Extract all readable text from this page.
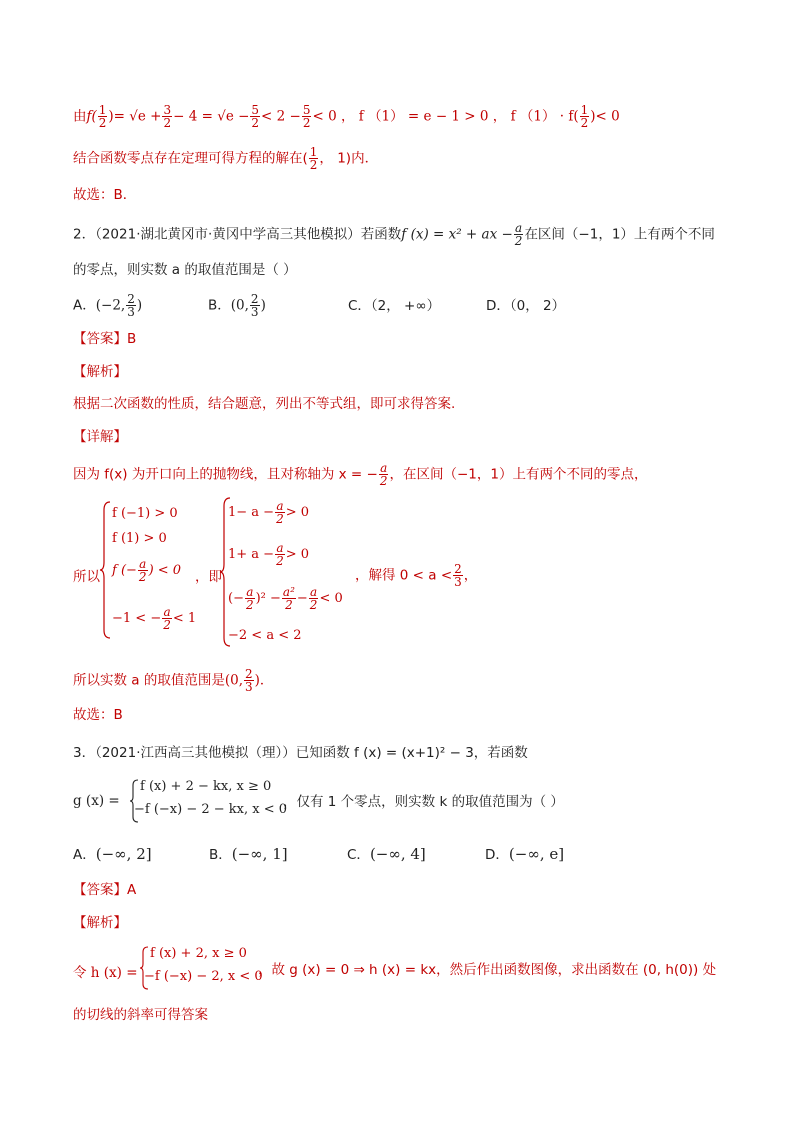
由$f( \frac{1}{2}$ )= $√e + \frac{3}{2} - 4 = √e - \frac{5}{2} < 2 - \frac{5}{2} < 0$ ， f （1） = e − 1 > 0 ， f $(1) \cdot f( \frac{1}{2}$ )< 0
结合函数零点存在定理可得方程的解在( $\frac{1}{2}$ ， 1)内．
故选：B．
2．（2021·湖北黄冈市·黄冈中学高三其他模拟）若函数f (x) = x² + ax − $\frac{a}{2}$ 在区间（−1，1）上有两个不同
的零点，则实数 a 的取值范围是（ ）
A．(−2, $\frac{2}{3}$ )	B．(0, $\frac{2}{3}$ )	C．（2， +∞）	D．（0， 2）
【答案】B
【解析】
根据二次函数的性质，结合题意，列出不等式组，即可求得答案.
【详解】
因为 f(x) 为开口向上的抛物线，且对称轴为 x = − $\frac{a}{2}$ ，在区间（−1，1）上有两个不同的零点，
所以
f (−1) > 0
f (1) > 0
f (− $\frac{a}{2}$ ) < 0
−1 < − $\frac{a}{2} < 1$
，即
$1- a - \frac{a}{2} > 0$
$1+ a - \frac{a}{2} > 0$
(− $\frac{a}{2} )^2 - \frac{\text{a²}}{2} - \frac{a}{2} < 0$
−2 < a < 2
，解得 $0 < a < \frac{2}{3}$ ，
所以实数 a 的取值范围是(0, $\frac{2}{3}$ )．
故选：B
3．（2021·江西高三其他模拟（理））已知函数 f (x) = (x+1)² − 3，若函数
g (x) =
f (x) + 2 − kx, x ≥ 0
−f (−x) − 2 − kx, x < 0
，仅有 1 个零点，则实数 k 的取值范围为（ ）
A．(−∞, 2]	B．(−∞, 1]	C．(−∞, 4]	D．(−∞, e]
【答案】A
【解析】
令 h (x) =
f (x) + 2, x ≥ 0
−f (−x) − 2, x < 0
，故 g (x) = 0 ⇒ h (x) = kx，然后作出函数图像，求出函数在 (0, h(0)) 处
的切线的斜率可得答案
